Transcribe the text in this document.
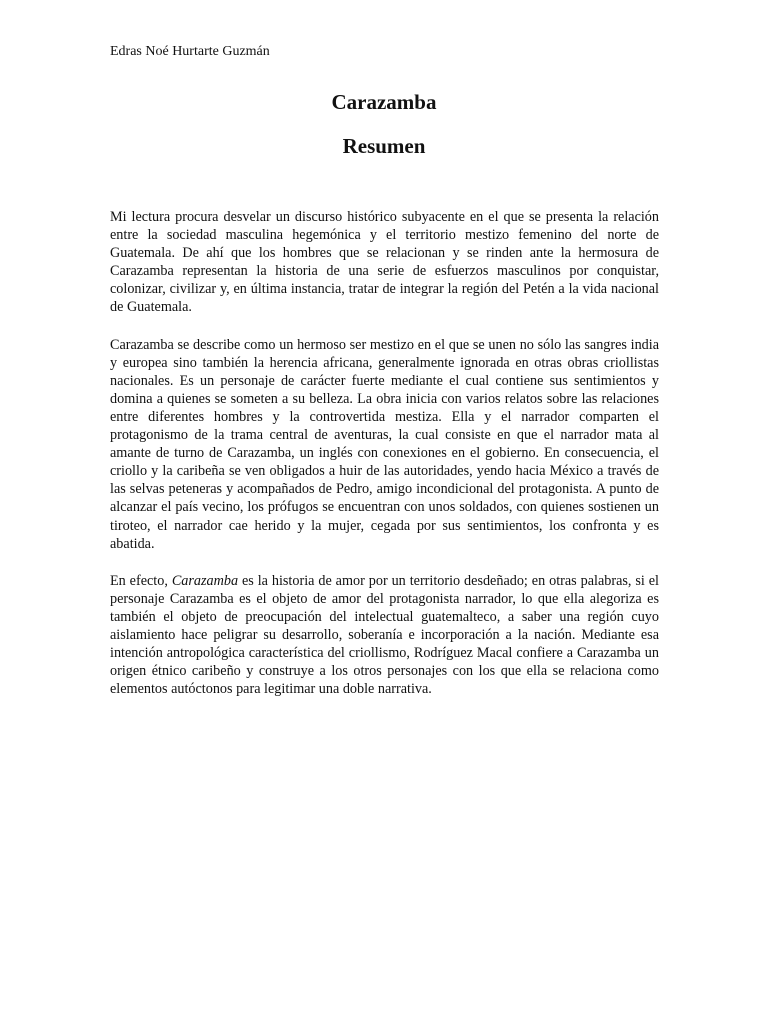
Edras Noé Hurtarte Guzmán

Carazamba
Resumen

Mi lectura procura desvelar un discurso histórico subyacente en el que se presenta la relación entre la sociedad masculina hegemónica y el territorio mestizo femenino del norte de Guatemala. De ahí que los hombres que se relacionan y se rinden ante la hermosura de Carazamba representan la historia de una serie de esfuerzos masculinos por conquistar, colonizar, civilizar y, en última instancia, tratar de integrar la región del Petén a la vida nacional de Guatemala.

Carazamba se describe como un hermoso ser mestizo en el que se unen no sólo las sangres india y europea sino también la herencia africana, generalmente ignorada en otras obras criollistas nacionales. Es un personaje de carácter fuerte mediante el cual contiene sus sentimientos y domina a quienes se someten a su belleza. La obra inicia con varios relatos sobre las relaciones entre diferentes hombres y la controvertida mestiza. Ella y el narrador comparten el protagonismo de la trama central de aventuras, la cual consiste en que el narrador mata al amante de turno de Carazamba, un inglés con conexiones en el gobierno. En consecuencia, el criollo y la caribeña se ven obligados a huir de las autoridades, yendo hacia México a través de las selvas peteneras y acompañados de Pedro, amigo incondicional del protagonista. A punto de alcanzar el país vecino, los prófugos se encuentran con unos soldados, con quienes sostienen un tiroteo, el narrador cae herido y la mujer, cegada por sus sentimientos, los confronta y es abatida.

En efecto, Carazamba es la historia de amor por un territorio desdeñado; en otras palabras, si el personaje Carazamba es el objeto de amor del protagonista narrador, lo que ella alegoriza es también el objeto de preocupación del intelectual guatemalteco, a saber una región cuyo aislamiento hace peligrar su desarrollo, soberanía e incorporación a la nación. Mediante esa intención antropológica característica del criollismo, Rodríguez Macal confiere a Carazamba un origen étnico caribeño y construye a los otros personajes con los que ella se relaciona como elementos autóctonos para legitimar una doble narrativa.
